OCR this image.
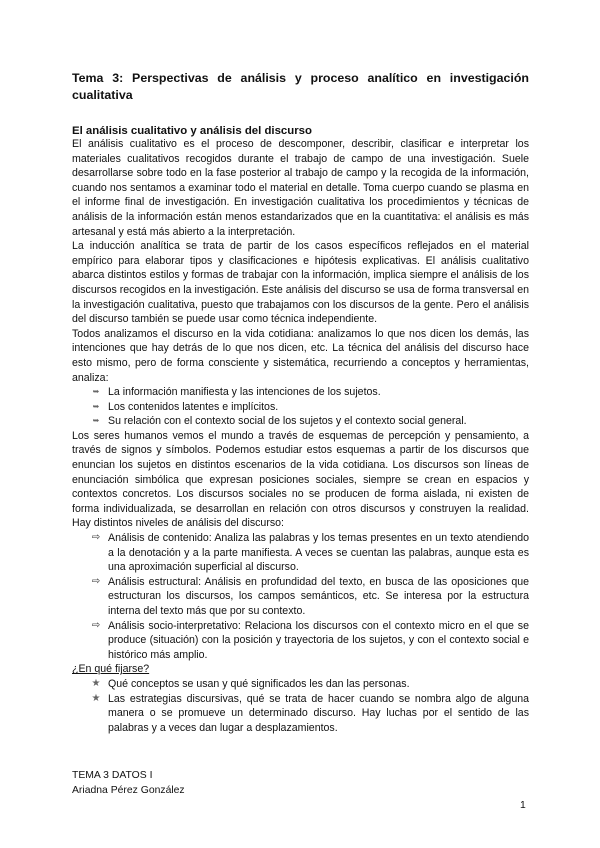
Tema 3: Perspectivas de análisis y proceso analítico en investigación cualitativa
El análisis cualitativo y análisis del discurso

El análisis cualitativo es el proceso de descomponer, describir, clasificar e interpretar los materiales cualitativos recogidos durante el trabajo de campo de una investigación. Suele desarrollarse sobre todo en la fase posterior al trabajo de campo y la recogida de la información, cuando nos sentamos a examinar todo el material en detalle. Toma cuerpo cuando se plasma en el informe final de investigación. En investigación cualitativa los procedimientos y técnicas de análisis de la información están menos estandarizados que en la cuantitativa: el análisis es más artesanal y está más abierto a la interpretación.

La inducción analítica se trata de partir de los casos específicos reflejados en el material empírico para elaborar tipos y clasificaciones e hipótesis explicativas. El análisis cualitativo abarca distintos estilos y formas de trabajar con la información, implica siempre el análisis de los discursos recogidos en la investigación. Este análisis del discurso se usa de forma transversal en la investigación cualitativa, puesto que trabajamos con los discursos de la gente. Pero el análisis del discurso también se puede usar como técnica independiente.

Todos analizamos el discurso en la vida cotidiana: analizamos lo que nos dicen los demás, las intenciones que hay detrás de lo que nos dicen, etc. La técnica del análisis del discurso hace esto mismo, pero de forma consciente y sistemática, recurriendo a conceptos y herramientas, analiza:

➥ La información manifiesta y las intenciones de los sujetos.
➥ Los contenidos latentes e implícitos.
➥ Su relación con el contexto social de los sujetos y el contexto social general.

Los seres humanos vemos el mundo a través de esquemas de percepción y pensamiento, a través de signos y símbolos. Podemos estudiar estos esquemas a partir de los discursos que enuncian los sujetos en distintos escenarios de la vida cotidiana. Los discursos son líneas de enunciación simbólica que expresan posiciones sociales, siempre se crean en espacios y contextos concretos. Los discursos sociales no se producen de forma aislada, ni existen de forma individualizada, se desarrollan en relación con otros discursos y construyen la realidad. Hay distintos niveles de análisis del discurso:

⇨ Análisis de contenido: Analiza las palabras y los temas presentes en un texto atendiendo a la denotación y a la parte manifiesta. A veces se cuentan las palabras, aunque esta es una aproximación superficial al discurso.
⇨ Análisis estructural: Análisis en profundidad del texto, en busca de las oposiciones que estructuran los discursos, los campos semánticos, etc. Se interesa por la estructura interna del texto más que por su contexto.
⇨ Análisis socio-interpretativo: Relaciona los discursos con el contexto micro en el que se produce (situación) con la posición y trayectoria de los sujetos, y con el contexto social e histórico más amplio.

¿En qué fijarse?

★ Qué conceptos se usan y qué significados les dan las personas.
★ Las estrategias discursivas, qué se trata de hacer cuando se nombra algo de alguna manera o se promueve un determinado discurso. Hay luchas por el sentido de las palabras y a veces dan lugar a desplazamientos.
TEMA 3 DATOS I
Ariadna Pérez González
1
